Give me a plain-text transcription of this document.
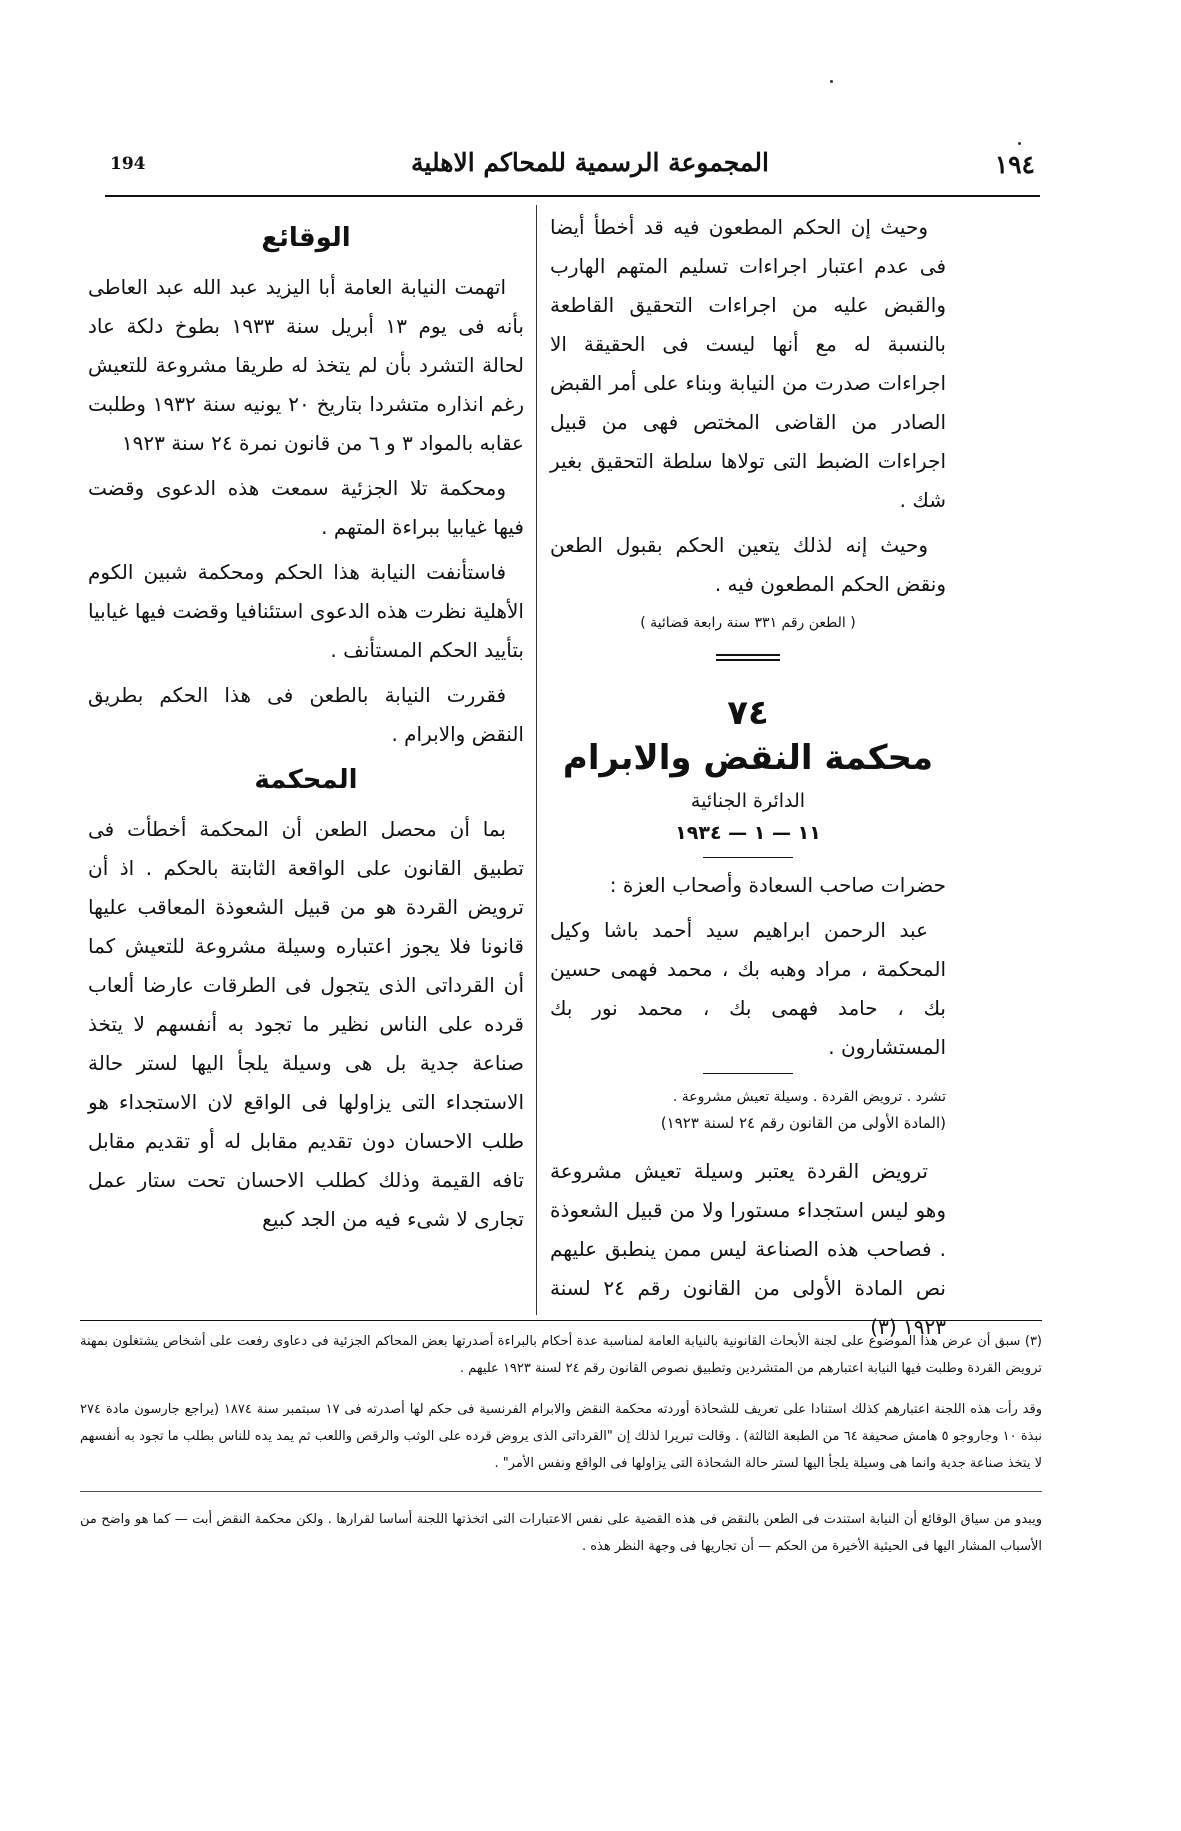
194	المجموعة الرسمية للمحاكم الاهلية	١٩٤

وحيث إن الحكم المطعون فيه قد أخطأ أيضا فى عدم اعتبار اجراءات تسليم المتهم الهارب والقبض عليه من اجراءات التحقيق القاطعة بالنسبة له مع أنها ليست فى الحقيقة الا اجراءات صدرت من النيابة وبناء على أمر القبض الصادر من القاضى المختص فهى من قبيل اجراءات الضبط التى تولاها سلطة التحقيق بغير شك .

وحيث إنه لذلك يتعين الحكم بقبول الطعن ونقض الحكم المطعون فيه .

( الطعن رقم ٣٣١ سنة رابعة قضائية )

٧٤

محكمة النقض والابرام

الدائرة الجنائية

١١ — ١ — ١٩٣٤

حضرات صاحب السعادة وأصحاب العزة :

عبد الرحمن ابراهيم سيد أحمد باشا وكيل المحكمة ، مراد وهبه بك ، محمد فهمى حسين بك ، حامد فهمى بك ، محمد نور بك المستشارون .

تشرد . ترويض القردة . وسيلة تعيش مشروعة .

(المادة الأولى من القانون رقم ٢٤ لسنة ١٩٢٣)

ترويض القردة يعتبر وسيلة تعيش مشروعة وهو ليس استجداء مستورا ولا من قبيل الشعوذة . فصاحب هذه الصناعة ليس ممن ينطبق عليهم نص المادة الأولى من القانون رقم ٢٤ لسنة ١٩٢٣ (٣)

الوقائع

اتهمت النيابة العامة أبا اليزيد عبد الله عبد العاطى بأنه فى يوم ١٣ أبريل سنة ١٩٣٣ بطوخ دلكة عاد لحالة التشرد بأن لم يتخذ له طريقا مشروعة للتعيش رغم انذاره متشردا بتاريخ ٢٠ يونيه سنة ١٩٣٢ وطلبت عقابه بالمواد ٣ و ٦ من قانون نمرة ٢٤ سنة ١٩٢٣

ومحكمة تلا الجزئية سمعت هذه الدعوى وقضت فيها غيابيا ببراءة المتهم .

فاستأنفت النيابة هذا الحكم ومحكمة شبين الكوم الأهلية نظرت هذه الدعوى استئنافيا وقضت فيها غيابيا بتأييد الحكم المستأنف .

فقررت النيابة بالطعن فى هذا الحكم بطريق النقض والابرام .

المحكمة

بما أن محصل الطعن أن المحكمة أخطأت فى تطبيق القانون على الواقعة الثابتة بالحكم . اذ أن ترويض القردة هو من قبيل الشعوذة المعاقب عليها قانونا فلا يجوز اعتباره وسيلة مشروعة للتعيش كما أن القرداتى الذى يتجول فى الطرقات عارضا ألعاب قرده على الناس نظير ما تجود به أنفسهم لا يتخذ صناعة جدية بل هى وسيلة يلجأ اليها لستر حالة الاستجداء التى يزاولها فى الواقع لان الاستجداء هو طلب الاحسان دون تقديم مقابل له أو تقديم مقابل تافه القيمة وذلك كطلب الاحسان تحت ستار عمل تجارى لا شىء فيه من الجد كبيع

(٣) سبق أن عرض هذا الموضوع على لجنة الأبحاث القانونية بالنيابة العامة لمناسبة عدة أحكام بالبراءة أصدرتها بعض المحاكم الجزئية فى دعاوى رفعت على أشخاص يشتغلون بمهنة ترويض القردة وطلبت فيها النيابة اعتبارهم من المتشردين وتطبيق نصوص القانون رقم ٢٤ لسنة ١٩٢٣ عليهم .

وقد رأت هذه اللجنة اعتبارهم كذلك استنادا على تعريف للشحاذة أوردته محكمة النقض والابرام الفرنسية فى حكم لها أصدرته فى ١٧ سبتمبر سنة ١٨٧٤ (يراجع جارسون مادة ٢٧٤ نبذة ١٠ وجاروجو ٥ هامش صحيفة ٦٤ من الطبعة الثالثة) . وقالت تبريرا لذلك إن "القرداتى الذى يروض قرده على الوثب والرقص واللعب ثم يمد يده للناس بطلب ما تجود به أنفسهم لا يتخذ صناعة جدية وانما هى وسيلة يلجأ اليها لستر حالة الشحاذة التى يزاولها فى الواقع ونفس الأمر" .

ويبدو من سياق الوقائع أن النيابة استندت فى الطعن بالنقض فى هذه القضية على نفس الاعتبارات التى اتخذتها اللجنة أساسا لقرارها . ولكن محكمة النقض أبت — كما هو واضح من الأسباب المشار اليها فى الحيثية الأخيرة من الحكم — أن تجاريها فى وجهة النظر هذه .
